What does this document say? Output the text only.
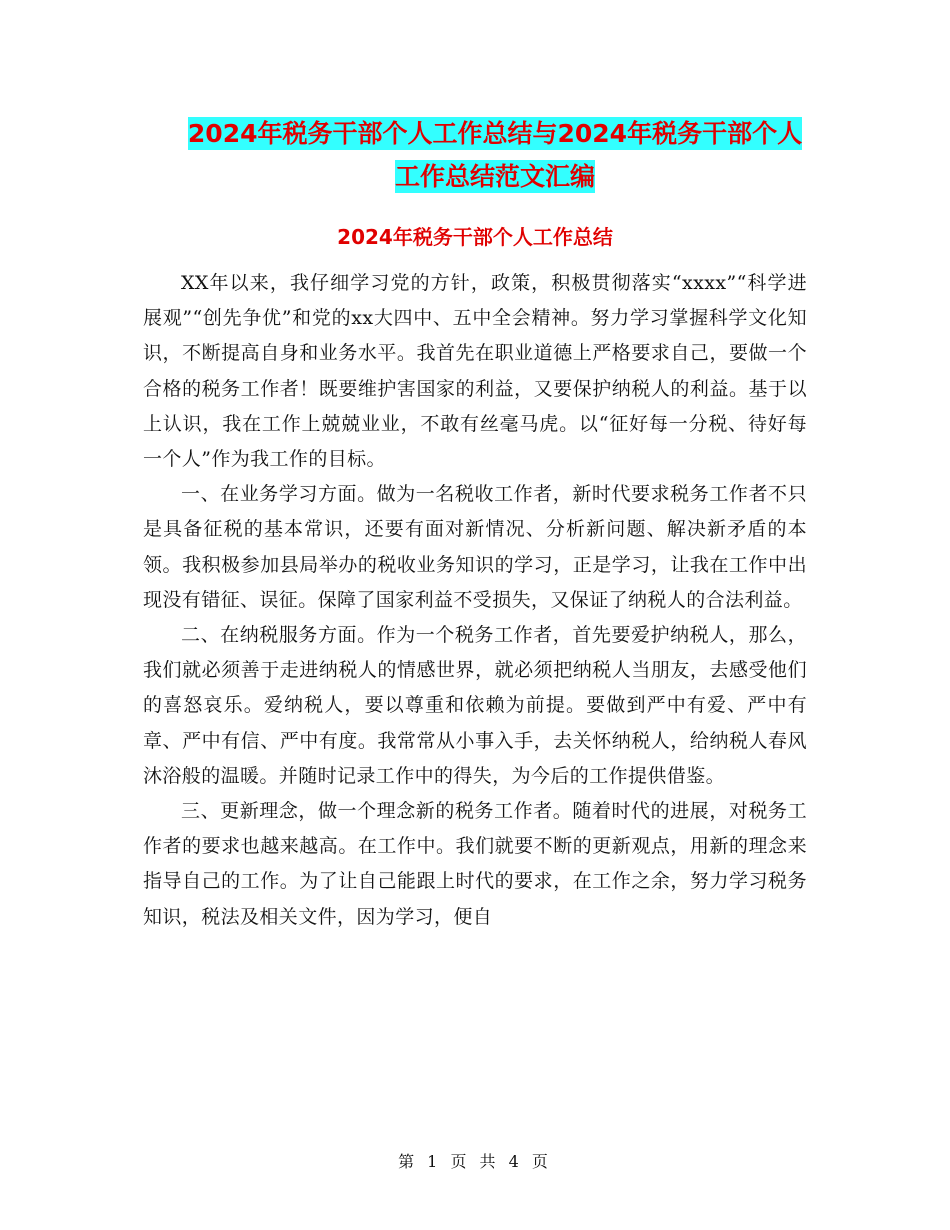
2024年税务干部个人工作总结与2024年税务干部个人
工作总结范文汇编
2024年税务干部个人工作总结

XX年以来，我仔细学习党的方针，政策，积极贯彻落实“xxxx”“科学进展观”“创先争优”和党的xx大四中、五中全会精神。努力学习掌握科学文化知识，不断提高自身和业务水平。我首先在职业道德上严格要求自己，要做一个合格的税务工作者！既要维护害国家的利益，又要保护纳税人的利益。基于以上认识，我在工作上兢兢业业，不敢有丝毫马虎。以“征好每一分税、待好每一个人”作为我工作的目标。

一、在业务学习方面。做为一名税收工作者，新时代要求税务工作者不只是具备征税的基本常识，还要有面对新情况、分析新问题、解决新矛盾的本领。我积极参加县局举办的税收业务知识的学习，正是学习，让我在工作中出现没有错征、误征。保障了国家利益不受损失，又保证了纳税人的合法利益。

二、在纳税服务方面。作为一个税务工作者，首先要爱护纳税人，那么，我们就必须善于走进纳税人的情感世界，就必须把纳税人当朋友，去感受他们的喜怒哀乐。爱纳税人，要以尊重和依赖为前提。要做到严中有爱、严中有章、严中有信、严中有度。我常常从小事入手，去关怀纳税人，给纳税人春风沐浴般的温暖。并随时记录工作中的得失，为今后的工作提供借鉴。

三、更新理念，做一个理念新的税务工作者。随着时代的进展，对税务工作者的要求也越来越高。在工作中。我们就要不断的更新观点，用新的理念来指导自己的工作。为了让自己能跟上时代的要求，在工作之余，努力学习税务知识，税法及相关文件，因为学习，便自

第 1 页 共 4 页
